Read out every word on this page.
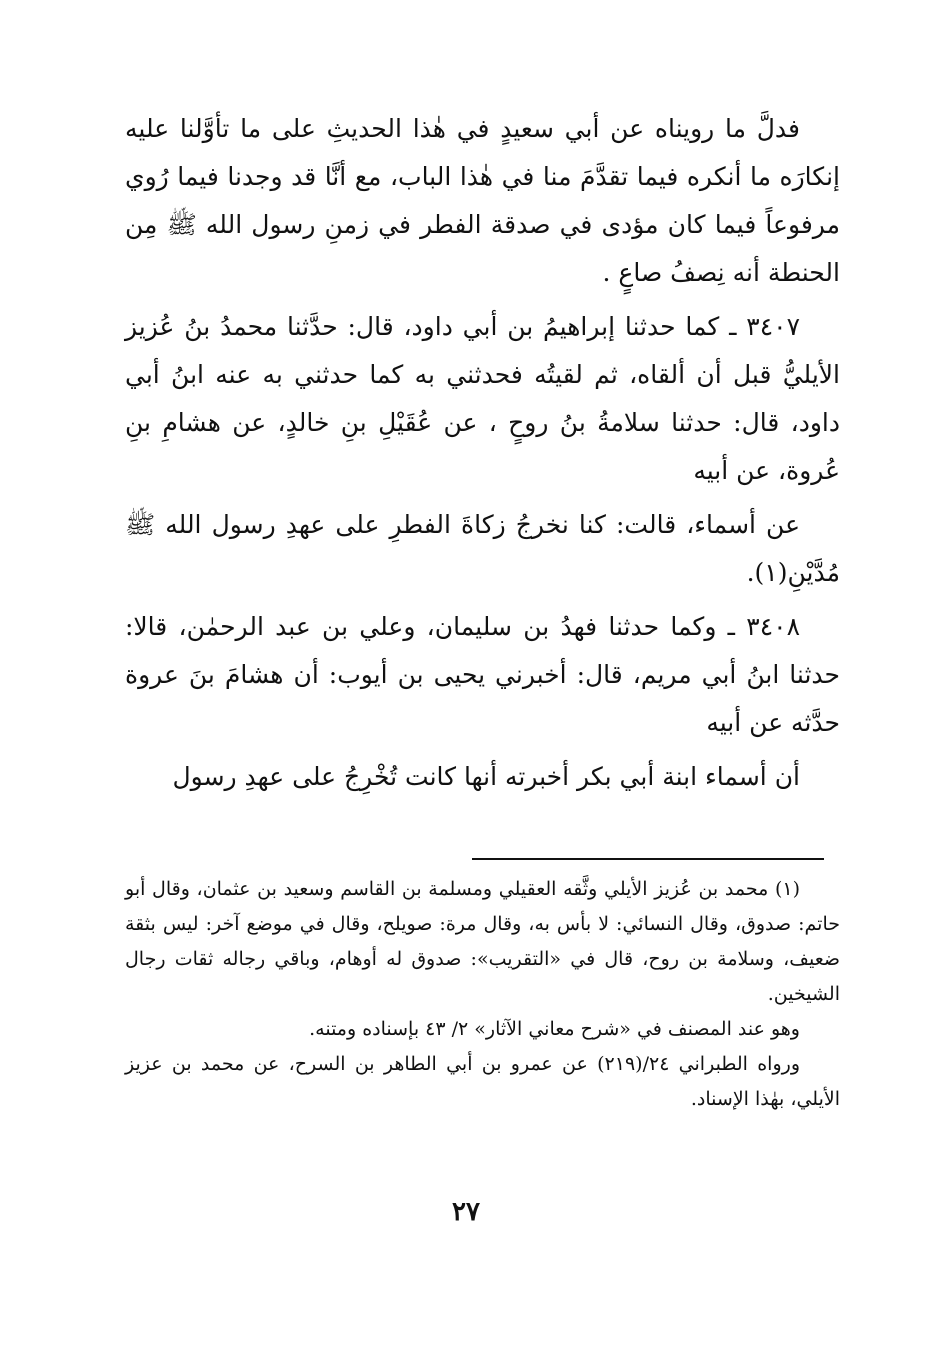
فدلَّ ما رويناه عن أبي سعيدٍ في هٰذا الحديثِ على ما تأوَّلنا عليه إنكارَه ما أنكره فيما تقدَّمَ منا في هٰذا الباب، مع أنَّا قد وجدنا فيما رُوي مرفوعاً فيما كان مؤدى في صدقة الفطر في زمنِ رسول الله ﷺ مِن الحنطة أنه نِصفُ صاعٍ .

٣٤٠٧ ـ كما حدثنا إبراهيمُ بن أبي داود، قال: حدَّثنا محمدُ بنُ عُزيز الأيليُّ قبل أن ألقاه، ثم لقيتُه فحدثني به كما حدثني به عنه ابنُ أبي داود، قال: حدثنا سلامةُ بنُ روحٍ ، عن عُقَيْلِ بنِ خالدٍ، عن هشامِ بنِ عُروة، عن أبيه

عن أسماء، قالت: كنا نخرجُ زكاةَ الفطرِ على عهدِ رسول الله ﷺ مُدَّيْنِ(١).

٣٤٠٨ ـ وكما حدثنا فهدُ بن سليمان، وعلي بن عبد الرحمٰن، قالا: حدثنا ابنُ أبي مريم، قال: أخبرني يحيى بن أيوب: أن هشامَ بنَ عروة حدَّثه عن أبيه

أن أسماء ابنة أبي بكر أخبرته أنها كانت تُخْرِجُ على عهدِ رسول

(١) محمد بن عُزيز الأيلي وثَّقه العقيلي ومسلمة بن القاسم وسعيد بن عثمان، وقال أبو حاتم: صدوق، وقال النسائي: لا بأس به، وقال مرة: صويلح، وقال في موضع آخر: ليس بثقة ضعيف، وسلامة بن روح، قال في «التقريب»: صدوق له أوهام، وباقي رجاله ثقات رجال الشيخين.

وهو عند المصنف في «شرح معاني الآثار» ٢/ ٤٣ بإسناده ومتنه.

ورواه الطبراني ٢٤/(٢١٩) عن عمرو بن أبي الطاهر بن السرح، عن محمد بن عزيز الأيلي، بهٰذا الإسناد.

٢٧
